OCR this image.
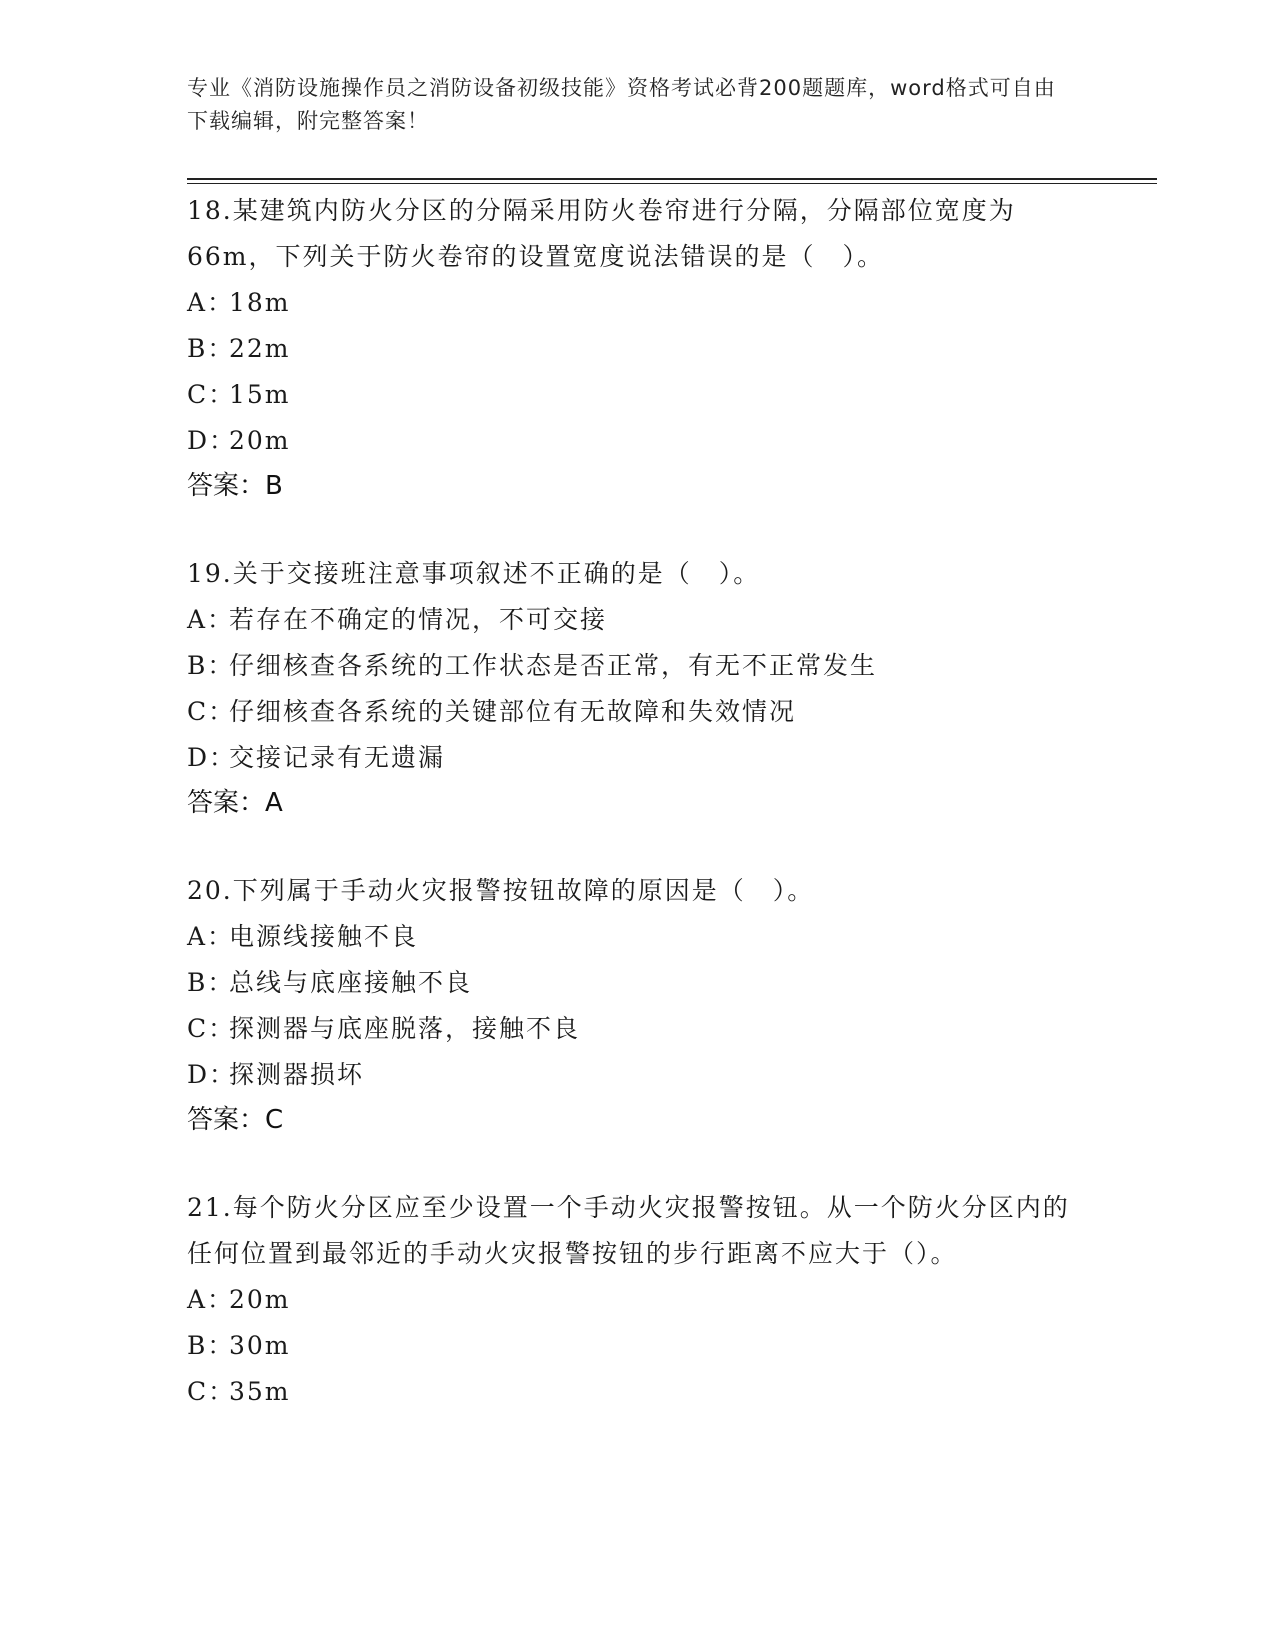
专业《消防设施操作员之消防设备初级技能》资格考试必背200题题库，word格式可自由下载编辑，附完整答案！
18.某建筑内防火分区的分隔采用防火卷帘进行分隔，分隔部位宽度为66m，下列关于防火卷帘的设置宽度说法错误的是（　）。
A：18m
B：22m
C：15m
D：20m
答案：B
19.关于交接班注意事项叙述不正确的是（　）。
A：若存在不确定的情况，不可交接
B：仔细核查各系统的工作状态是否正常，有无不正常发生
C：仔细核查各系统的关键部位有无故障和失效情况
D：交接记录有无遗漏
答案：A
20.下列属于手动火灾报警按钮故障的原因是（　）。
A：电源线接触不良
B：总线与底座接触不良
C：探测器与底座脱落，接触不良
D：探测器损坏
答案：C
21.每个防火分区应至少设置一个手动火灾报警按钮。从一个防火分区内的任何位置到最邻近的手动火灾报警按钮的步行距离不应大于（）。
A：20m
B：30m
C：35m
